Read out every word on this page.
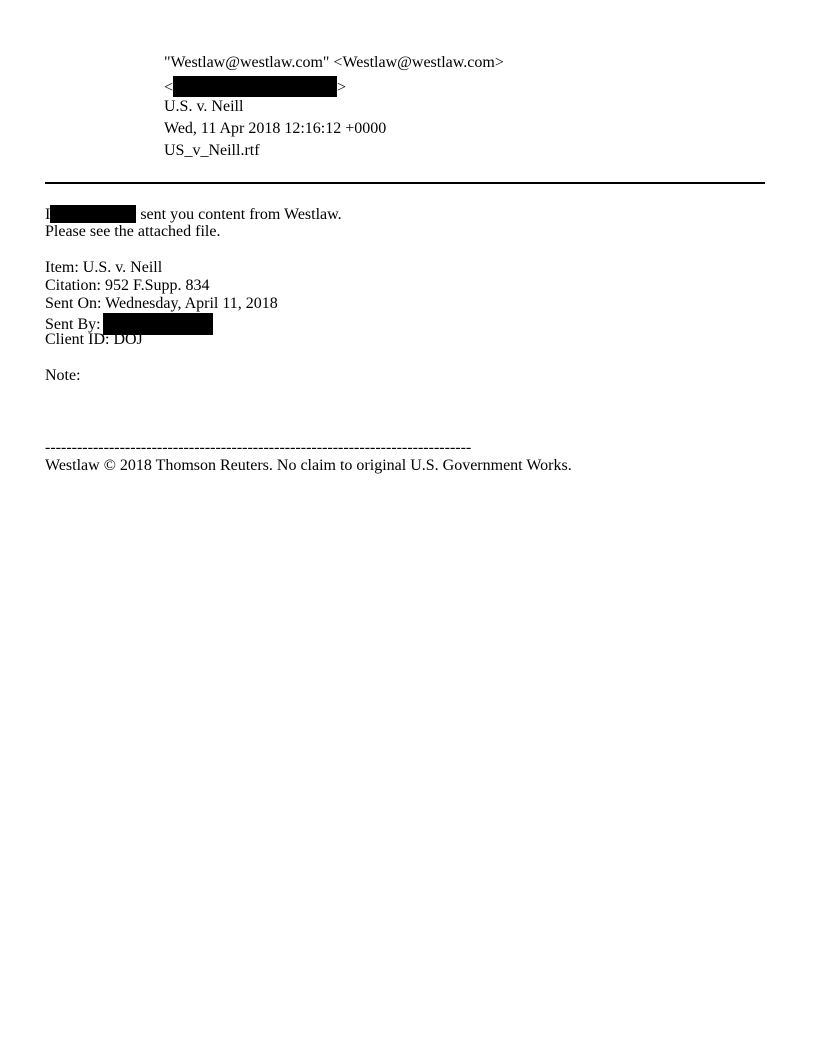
"Westlaw@westlaw.com" <Westlaw@westlaw.com>
<	>
U.S. v. Neill
Wed, 11 Apr 2018 12:16:12 +0000
US_v_Neill.rtf
I	sent you content from Westlaw.
Please see the attached file.
Item: U.S. v. Neill
Citation: 952 F.Supp. 834
Sent On: Wednesday, April 11, 2018
Sent By:
Client ID: DOJ
Note:
--------------------------------------------------------------------------------
Westlaw © 2018 Thomson Reuters. No claim to original U.S. Government Works.
